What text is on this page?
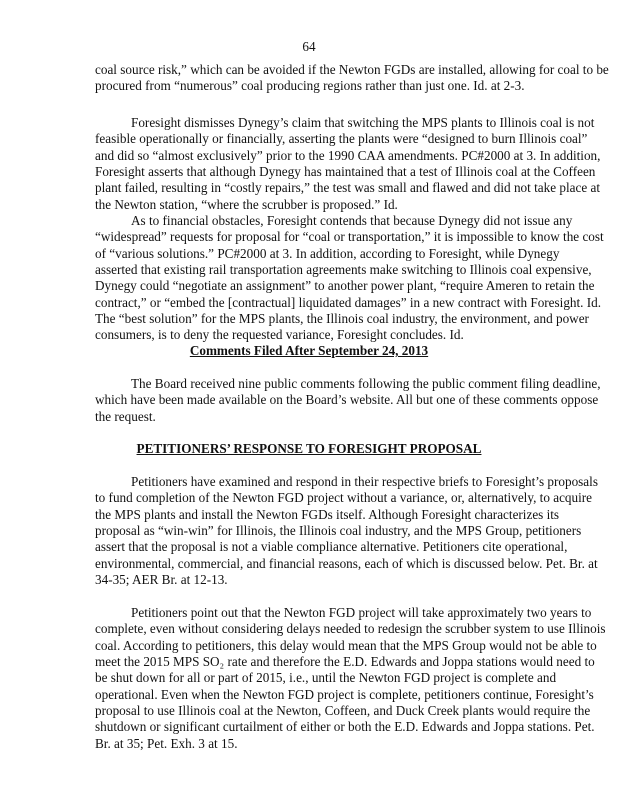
64
coal source risk,” which can be avoided if the Newton FGDs are installed, allowing for coal to be
procured from “numerous” coal producing regions rather than just one. Id. at 2-3.
Foresight dismisses Dynegy’s claim that switching the MPS plants to Illinois coal is not
feasible operationally or financially, asserting the plants were “designed to burn Illinois coal”
and did so “almost exclusively” prior to the 1990 CAA amendments. PC#2000 at 3. In addition,
Foresight asserts that although Dynegy has maintained that a test of Illinois coal at the Coffeen
plant failed, resulting in “costly repairs,” the test was small and flawed and did not take place at
the Newton station, “where the scrubber is proposed.” Id.
As to financial obstacles, Foresight contends that because Dynegy did not issue any
“widespread” requests for proposal for “coal or transportation,” it is impossible to know the cost
of “various solutions.” PC#2000 at 3. In addition, according to Foresight, while Dynegy
asserted that existing rail transportation agreements make switching to Illinois coal expensive,
Dynegy could “negotiate an assignment” to another power plant, “require Ameren to retain the
contract,” or “embed the [contractual] liquidated damages” in a new contract with Foresight. Id.
The “best solution” for the MPS plants, the Illinois coal industry, the environment, and power
consumers, is to deny the requested variance, Foresight concludes. Id.
Comments Filed After September 24, 2013
The Board received nine public comments following the public comment filing deadline,
which have been made available on the Board’s website. All but one of these comments oppose
the request.
PETITIONERS’ RESPONSE TO FORESIGHT PROPOSAL
Petitioners have examined and respond in their respective briefs to Foresight’s proposals
to fund completion of the Newton FGD project without a variance, or, alternatively, to acquire
the MPS plants and install the Newton FGDs itself. Although Foresight characterizes its
proposal as “win-win” for Illinois, the Illinois coal industry, and the MPS Group, petitioners
assert that the proposal is not a viable compliance alternative. Petitioners cite operational,
environmental, commercial, and financial reasons, each of which is discussed below. Pet. Br. at
34-35; AER Br. at 12-13.
Petitioners point out that the Newton FGD project will take approximately two years to
complete, even without considering delays needed to redesign the scrubber system to use Illinois
coal. According to petitioners, this delay would mean that the MPS Group would not be able to
meet the 2015 MPS SO₂ rate and therefore the E.D. Edwards and Joppa stations would need to
be shut down for all or part of 2015, i.e., until the Newton FGD project is complete and
operational. Even when the Newton FGD project is complete, petitioners continue, Foresight’s
proposal to use Illinois coal at the Newton, Coffeen, and Duck Creek plants would require the
shutdown or significant curtailment of either or both the E.D. Edwards and Joppa stations. Pet.
Br. at 35; Pet. Exh. 3 at 15.
